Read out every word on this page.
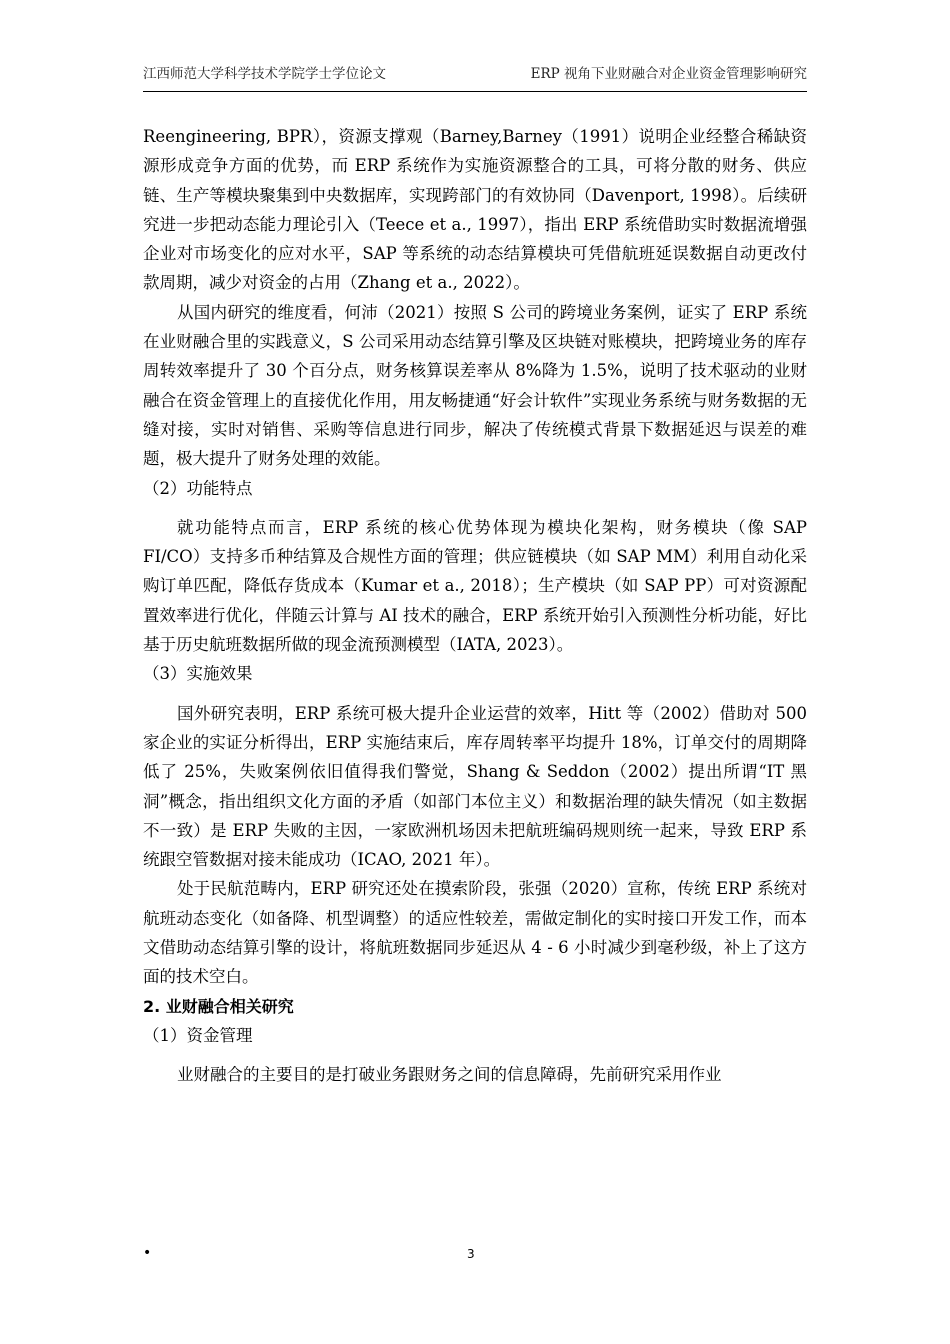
江西师范大学科学技术学院学士学位论文	ERP 视角下业财融合对企业资金管理影响研究

Reengineering, BPR），资源支撑观（Barney,Barney（1991）说明企业经整合稀缺资源形成竞争方面的优势，而 ERP 系统作为实施资源整合的工具，可将分散的财务、供应链、生产等模块聚集到中央数据库，实现跨部门的有效协同（Davenport, 1998）。后续研究进一步把动态能力理论引入（Teece et a., 1997），指出 ERP 系统借助实时数据流增强企业对市场变化的应对水平，SAP 等系统的动态结算模块可凭借航班延误数据自动更改付款周期，减少对资金的占用（Zhang et a., 2022）。

从国内研究的维度看，何沛（2021）按照 S 公司的跨境业务案例，证实了 ERP 系统在业财融合里的实践意义，S 公司采用动态结算引擎及区块链对账模块，把跨境业务的库存周转效率提升了 30 个百分点，财务核算误差率从 8%降为 1.5%，说明了技术驱动的业财融合在资金管理上的直接优化作用，用友畅捷通“好会计软件”实现业务系统与财务数据的无缝对接，实时对销售、采购等信息进行同步，解决了传统模式背景下数据延迟与误差的难题，极大提升了财务处理的效能。

（2）功能特点

就功能特点而言，ERP 系统的核心优势体现为模块化架构，财务模块（像 SAP FI/CO）支持多币种结算及合规性方面的管理；供应链模块（如 SAP MM）利用自动化采购订单匹配，降低存货成本（Kumar et a., 2018）；生产模块（如 SAP PP）可对资源配置效率进行优化，伴随云计算与 AI 技术的融合，ERP 系统开始引入预测性分析功能，好比基于历史航班数据所做的现金流预测模型（IATA, 2023）。

（3）实施效果

国外研究表明，ERP 系统可极大提升企业运营的效率，Hitt 等（2002）借助对 500 家企业的实证分析得出，ERP 实施结束后，库存周转率平均提升 18%，订单交付的周期降低了 25%，失败案例依旧值得我们警觉，Shang & Seddon（2002）提出所谓“IT 黑洞”概念，指出组织文化方面的矛盾（如部门本位主义）和数据治理的缺失情况（如主数据不一致）是 ERP 失败的主因，一家欧洲机场因未把航班编码规则统一起来，导致 ERP 系统跟空管数据对接未能成功（ICAO, 2021 年）。

处于民航范畴内，ERP 研究还处在摸索阶段，张强（2020）宣称，传统 ERP 系统对航班动态变化（如备降、机型调整）的适应性较差，需做定制化的实时接口开发工作，而本文借助动态结算引擎的设计，将航班数据同步延迟从 4 - 6 小时减少到毫秒级，补上了这方面的技术空白。

2. 业财融合相关研究

（1）资金管理

业财融合的主要目的是打破业务跟财务之间的信息障碍，先前研究采用作业

•	3
